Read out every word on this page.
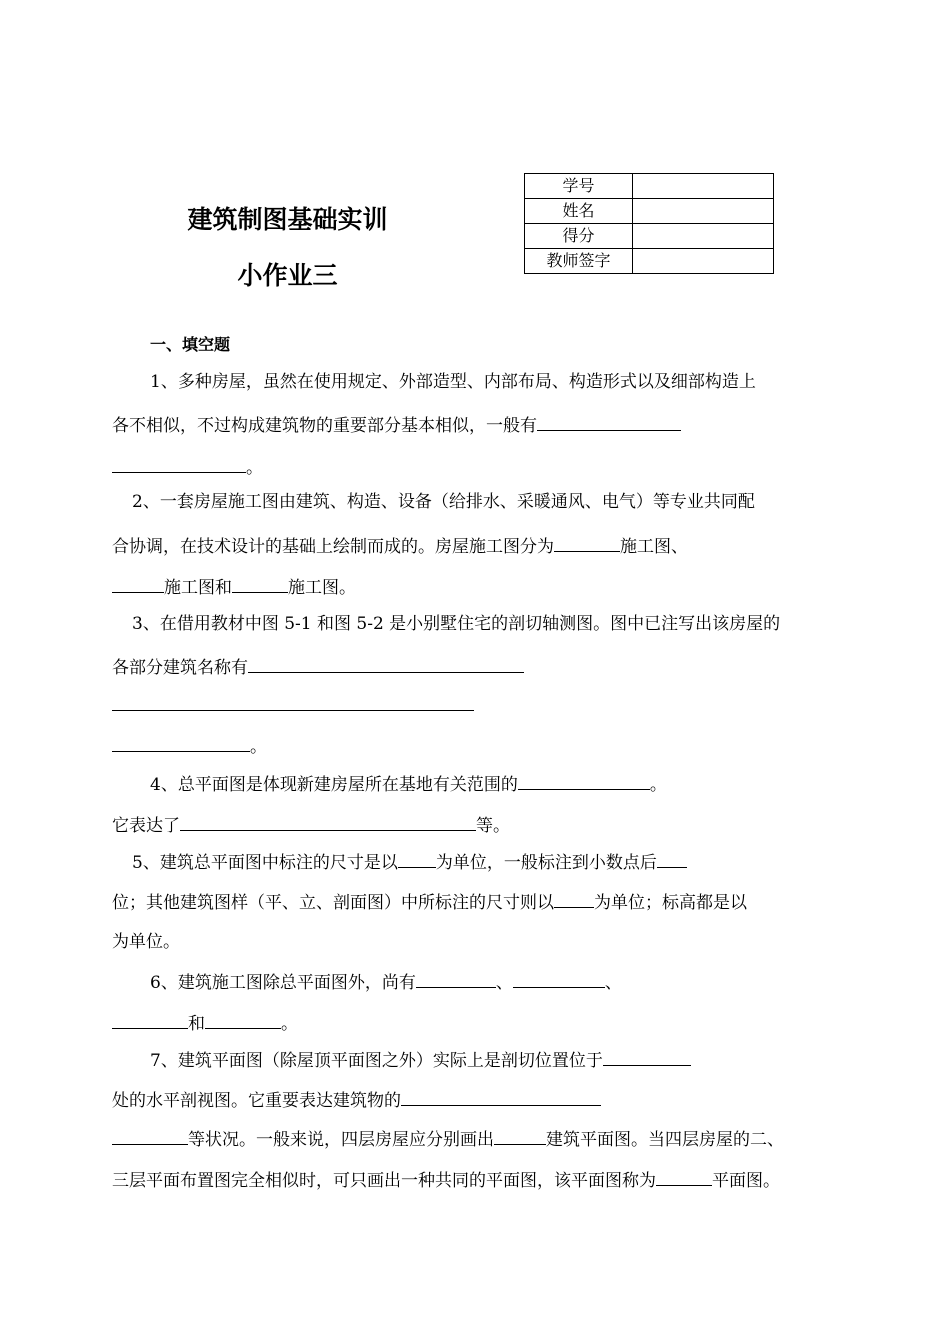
建筑制图基础实训
小作业三
学号	
姓名	
得分	
教师签字	
一、填空题
1、多种房屋，虽然在使用规定、外部造型、内部布局、构造形式以及细部构造上
各不相似，不过构成建筑物的重要部分基本相似，一般有
。
2、一套房屋施工图由建筑、构造、设备（给排水、采暖通风、电气）等专业共同配
合协调，在技术设计的基础上绘制而成的。房屋施工图分为	施工图、
施工图和	施工图。
3、在借用教材中图 5-1 和图 5-2 是小别墅住宅的剖切轴测图。图中已注写出该房屋的
各部分建筑名称有
。
4、总平面图是体现新建房屋所在基地有关范围的	。
它表达了	等。
5、建筑总平面图中标注的尺寸是以 为单位，一般标注到小数点后
位；其他建筑图样（平、立、剖面图）中所标注的尺寸则以 为单位；标高都是以
为单位。
6、建筑施工图除总平面图外，尚有	、	、
和	。
7、建筑平面图（除屋顶平面图之外）实际上是剖切位置位于
处的水平剖视图。它重要表达建筑物的
等状况。一般来说，四层房屋应分别画出	建筑平面图。当四层房屋的二、
三层平面布置图完全相似时，可只画出一种共同的平面图，该平面图称为	平面图。
